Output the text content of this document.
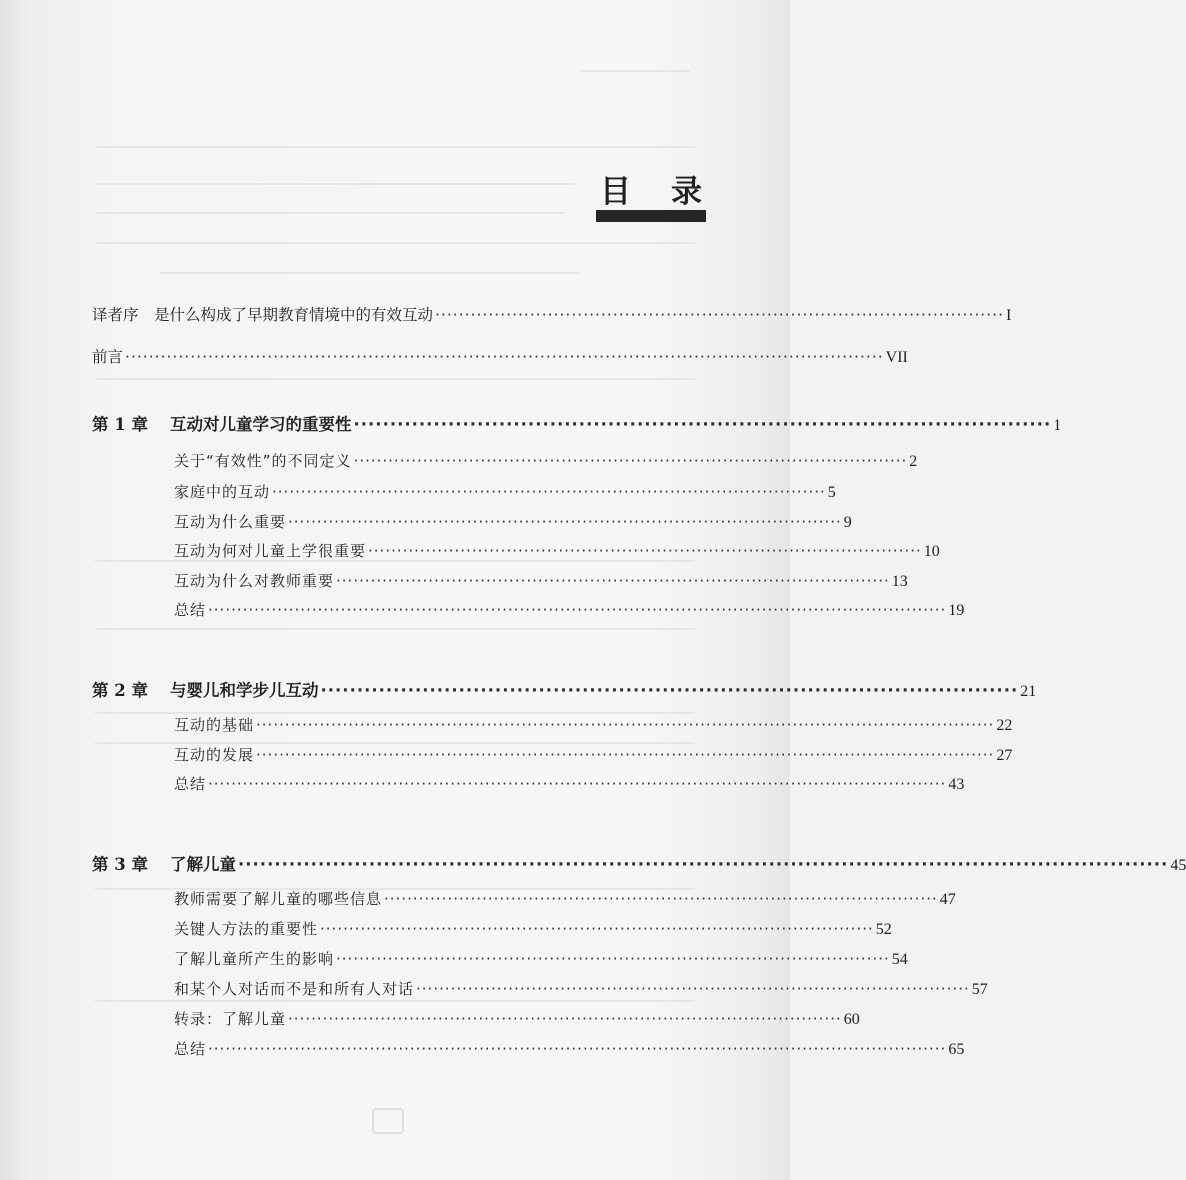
目 录
译者序　是什么构成了早期教育情境中的有效互动 ································································································ I
前言 ································································································································ VII
第 1 章 互动对儿童学习的重要性 ································································································ 1
关于“有效性”的不同定义 ································································································ 2
家庭中的互动 ································································································ 5
互动为什么重要 ································································································ 9
互动为何对儿童上学很重要 ································································································ 10
互动为什么对教师重要 ································································································ 13
总结 ································································································································ 19
第 2 章 与婴儿和学步儿互动 ································································································ 21
互动的基础 ································································································································ 22
互动的发展 ································································································································ 27
总结 ································································································································ 43
第 3 章 了解儿童 ································································································································ 45
教师需要了解儿童的哪些信息 ································································································ 47
关键人方法的重要性 ································································································ 52
了解儿童所产生的影响 ································································································ 54
和某个人对话而不是和所有人对话 ································································································ 57
转录：了解儿童 ································································································ 60
总结 ································································································································ 65
